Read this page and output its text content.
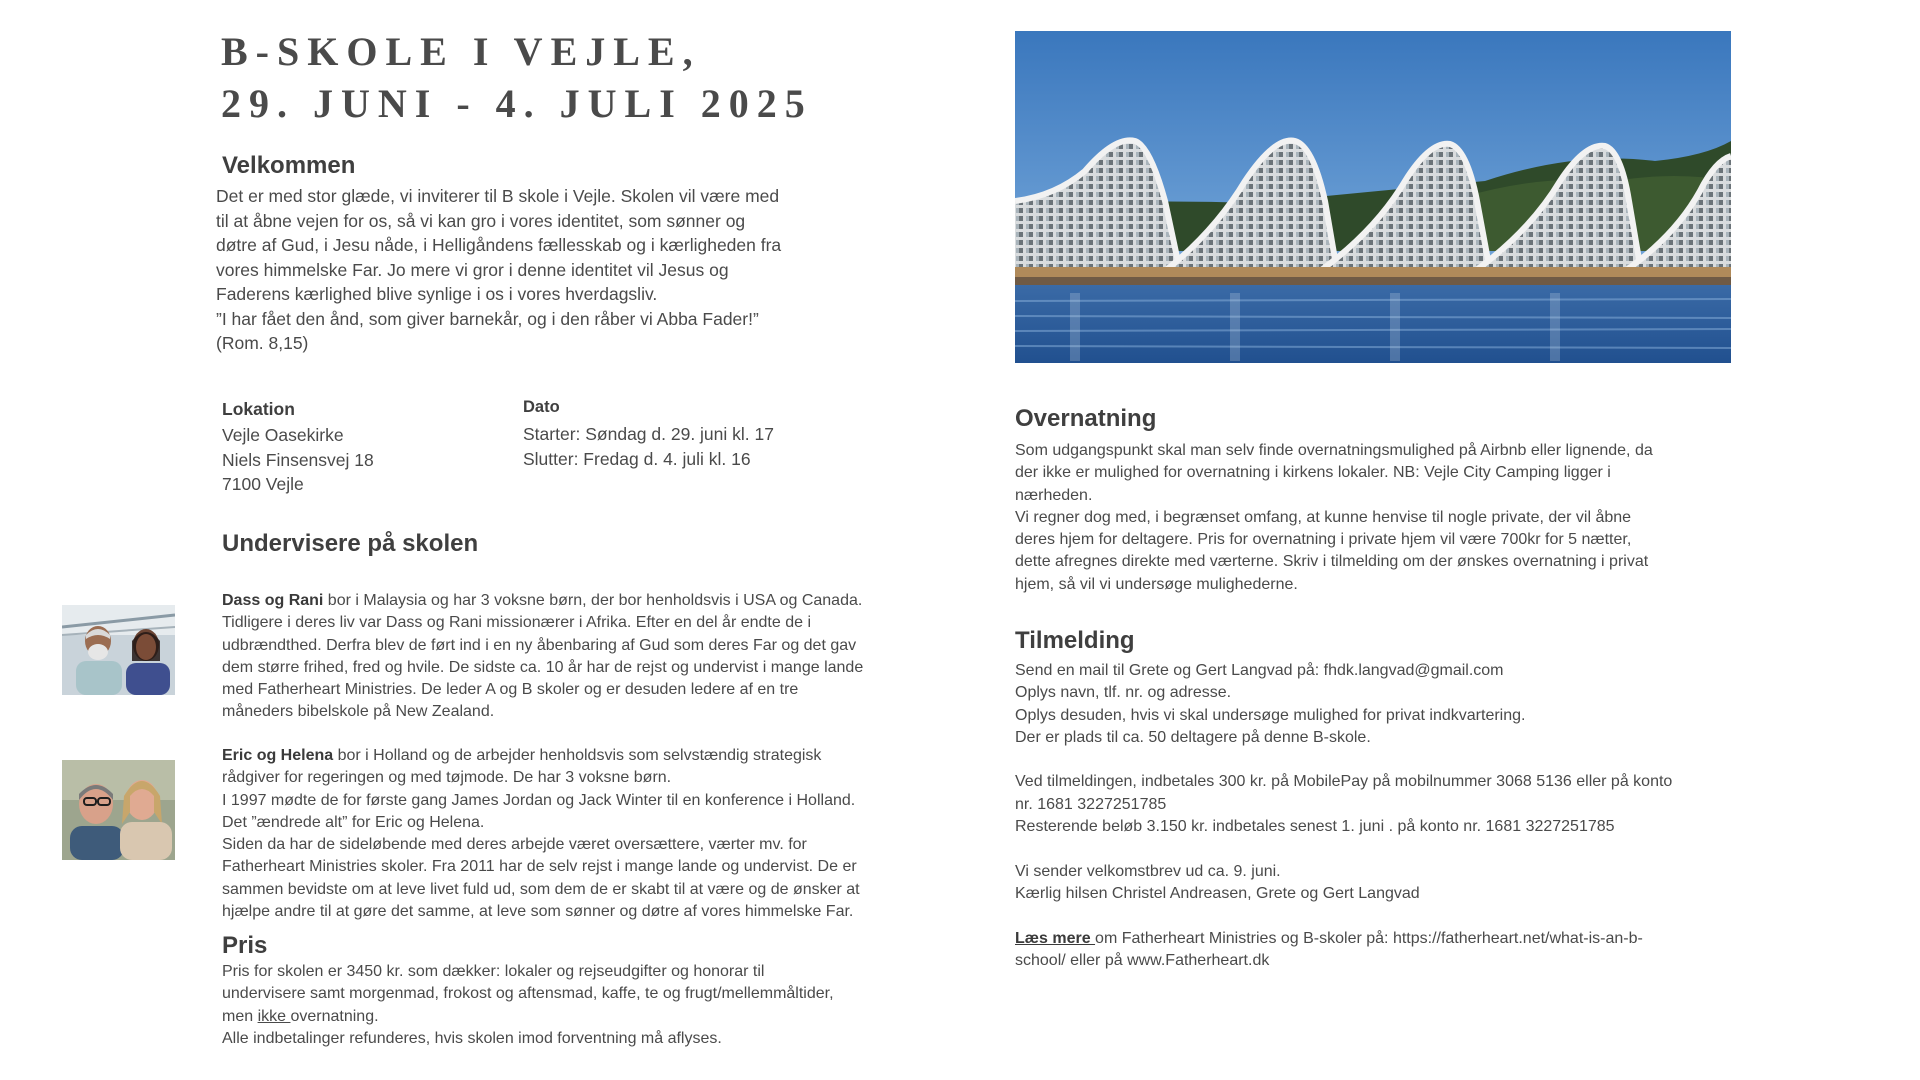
B-SKOLE I VEJLE,
29. JUNI - 4. JULI 2025
Velkommen
Det er med stor glæde, vi inviterer til B skole i Vejle. Skolen vil være med
til at åbne vejen for os, så vi kan gro i vores identitet, som sønner og
døtre af Gud, i Jesu nåde, i Helligåndens fællesskab og i kærligheden fra
vores himmelske Far. Jo mere vi gror i denne identitet vil Jesus og
Faderens kærlighed blive synlige i os i vores hverdagsliv.
”I har fået den ånd, som giver barnekår, og i den råber vi Abba Fader!”
(Rom. 8,15)
Lokation
Vejle Oasekirke
Niels Finsensvej 18
7100 Vejle
Dato
Starter: Søndag d. 29. juni kl. 17
Slutter: Fredag d. 4. juli kl. 16
Undervisere på skolen
Dass og Rani bor i Malaysia og har 3 voksne børn, der bor henholdsvis i USA og Canada.
Tidligere i deres liv var Dass og Rani missionærer i Afrika. Efter en del år endte de i
udbrændthed. Derfra blev de ført ind i en ny åbenbaring af Gud som deres Far og det gav
dem større frihed, fred og hvile. De sidste ca. 10 år har de rejst og undervist i mange lande
med Fatherheart Ministries. De leder A og B skoler og er desuden ledere af en tre
måneders bibelskole på New Zealand.
Eric og Helena bor i Holland og de arbejder henholdsvis som selvstændig strategisk
rådgiver for regeringen og med tøjmode. De har 3 voksne børn.
I 1997 mødte de for første gang James Jordan og Jack Winter til en konference i Holland.
Det ”ændrede alt” for Eric og Helena.
Siden da har de sideløbende med deres arbejde været oversættere, værter mv. for
Fatherheart Ministries skoler. Fra 2011 har de selv rejst i mange lande og undervist. De er
sammen bevidste om at leve livet fuld ud, som dem de er skabt til at være og de ønsker at
hjælpe andre til at gøre det samme, at leve som sønner og døtre af vores himmelske Far.
Pris
Pris for skolen er 3450 kr. som dækker: lokaler og rejseudgifter og honorar til
undervisere samt morgenmad, frokost og aftensmad, kaffe, te og frugt/mellemmåltider,
men ikke overnatning.
Alle indbetalinger refunderes, hvis skolen imod forventning må aflyses.
Overnatning
Som udgangspunkt skal man selv finde overnatningsmulighed på Airbnb eller lignende, da
der ikke er mulighed for overnatning i kirkens lokaler. NB: Vejle City Camping ligger i
nærheden.
Vi regner dog med, i begrænset omfang, at kunne henvise til nogle private, der vil åbne
deres hjem for deltagere. Pris for overnatning i private hjem vil være 700kr for 5 nætter,
dette afregnes direkte med værterne. Skriv i tilmelding om der ønskes overnatning i privat
hjem, så vil vi undersøge mulighederne.
Tilmelding
Send en mail til Grete og Gert Langvad på: fhdk.langvad@gmail.com
Oplys navn, tlf. nr. og adresse.
Oplys desuden, hvis vi skal undersøge mulighed for privat indkvartering.
Der er plads til ca. 50 deltagere på denne B-skole.
Ved tilmeldingen, indbetales 300 kr. på MobilePay på mobilnummer 3068 5136 eller på konto
nr. 1681 3227251785
Resterende beløb 3.150 kr. indbetales senest 1. juni . på konto nr. 1681 3227251785
Vi sender velkomstbrev ud ca. 9. juni.
Kærlig hilsen Christel Andreasen, Grete og Gert Langvad
Læs mere om Fatherheart Ministries og B-skoler på: https://fatherheart.net/what-is-an-b-
school/ eller på www.Fatherheart.dk
